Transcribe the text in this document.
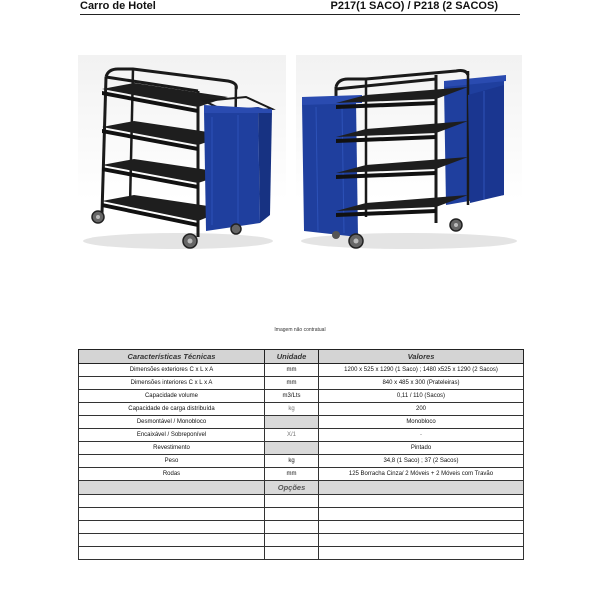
Carro de Hotel	P217(1 SACO) / P218 (2 SACOS)
Imagem não contratual
Características Técnicas	Unidade	Valores
Dimensões exteriores C x L x A	mm	1200 x 525 x 1290 (1 Saco) ; 1480 x525 x 1290 (2 Sacos)
Dimensões interiores C x L x A	mm	840 x 485 x 300 (Prateleiras)
Capacidade volume	m3/Lts	0,11 / 110 (Sacos)
Capacidade de carga distribuída	kg	200
Desmontável / Monobloco		Monobloco
Encaixável / Sobreponível	X/1	-
Revestimento		Pintado
Peso	kg	34,8 (1 Saco) ; 37 (2 Sacos)
Rodas	mm	125 Borracha Cinza/ 2 Móveis + 2 Móveis com Travão
	Opções	
